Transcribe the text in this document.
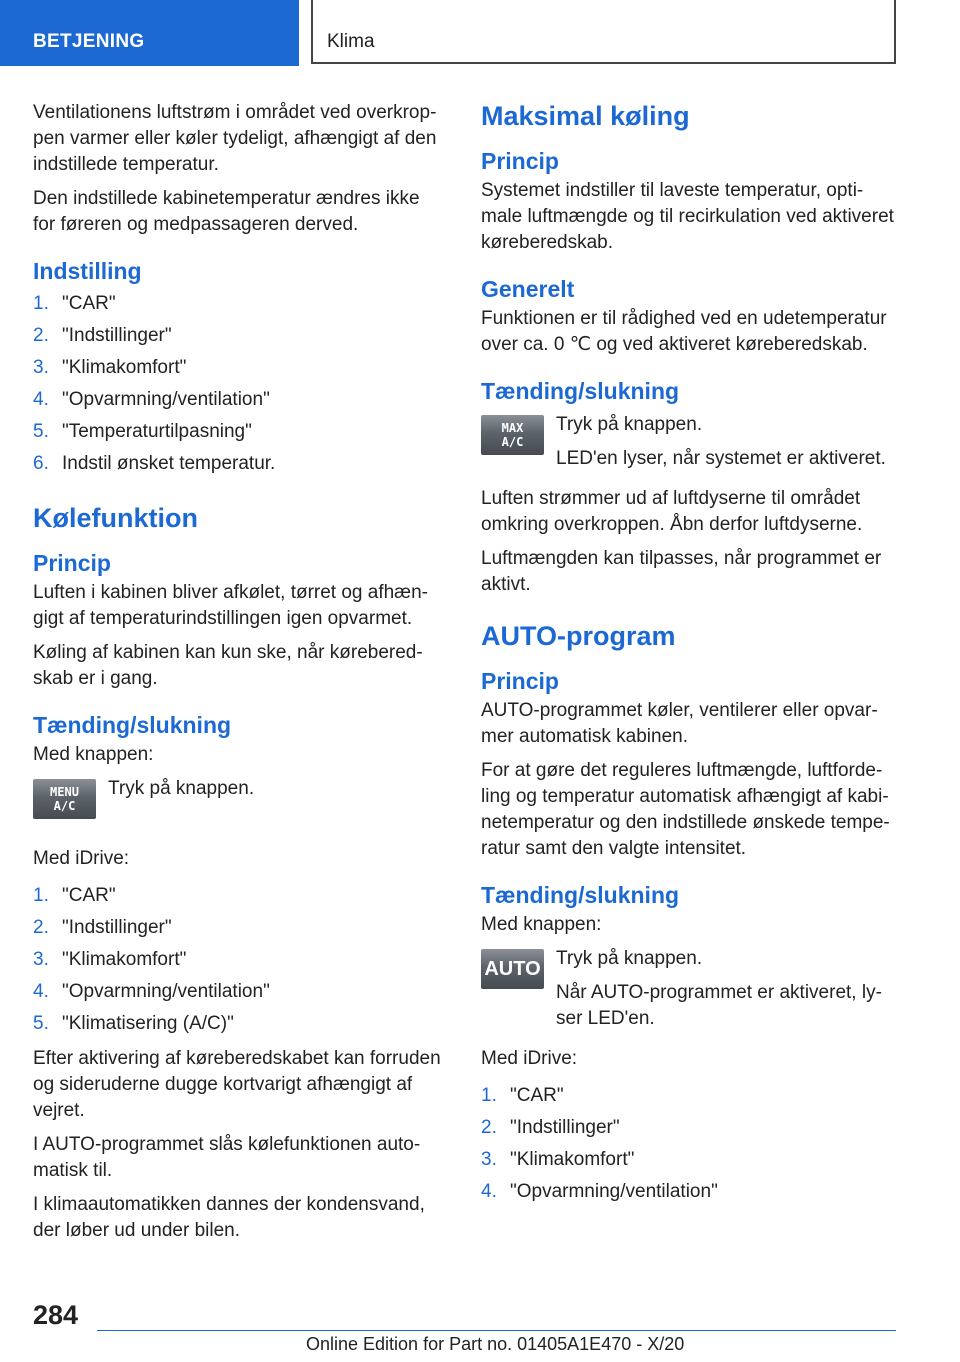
BETJENING	Klima

Ventilationens luftstrøm i området ved overkrop-pen varmer eller køler tydeligt, afhængigt af den indstillede temperatur.

Den indstillede kabinetemperatur ændres ikke for føreren og medpassageren derved.

Indstilling
1. "CAR"
2. "Indstillinger"
3. "Klimakomfort"
4. "Opvarmning/ventilation"
5. "Temperaturtilpasning"
6. Indstil ønsket temperatur.
Kølefunktion
Princip

Luften i kabinen bliver afkølet, tørret og afhæn-gigt af temperaturindstillingen igen opvarmet.

Køling af kabinen kan kun ske, når kørebered-skab er i gang.

Tænding/slukning

Med knappen:

MENU
A/C

Tryk på knappen.

Med iDrive:

1. "CAR"
2. "Indstillinger"
3. "Klimakomfort"
4. "Opvarmning/ventilation"
5. "Klimatisering (A/C)"

Efter aktivering af køreberedskabet kan forruden og sideruderne dugge kortvarigt afhængigt af vejret.

I AUTO-programmet slås kølefunktionen auto-matisk til.

I klimaautomatikken dannes der kondensvand, der løber ud under bilen.

Maksimal køling
Princip

Systemet indstiller til laveste temperatur, opti-male luftmængde og til recirkulation ved aktiveret køreberedskab.

Generelt

Funktionen er til rådighed ved en udetemperatur over ca. 0 ℃ og ved aktiveret køreberedskab.

Tænding/slukning
MAX
A/C

Tryk på knappen.

LED'en lyser, når systemet er aktiveret.

Luften strømmer ud af luftdyserne til området omkring overkroppen. Åbn derfor luftdyserne.

Luftmængden kan tilpasses, når programmet er aktivt.

AUTO-program
Princip

AUTO-programmet køler, ventilerer eller opvar-mer automatisk kabinen.

For at gøre det reguleres luftmængde, luftforde-ling og temperatur automatisk afhængigt af kabi-netemperatur og den indstillede ønskede tempe-ratur samt den valgte intensitet.

Tænding/slukning

Med knappen:

AUTO Tryk på knappen.

Når AUTO-programmet er aktiveret, ly-ser LED'en.

Med iDrive:

1. "CAR"
2. "Indstillinger"
3. "Klimakomfort"
4. "Opvarmning/ventilation"
284
Online Edition for Part no. 01405A1E470 - X/20
